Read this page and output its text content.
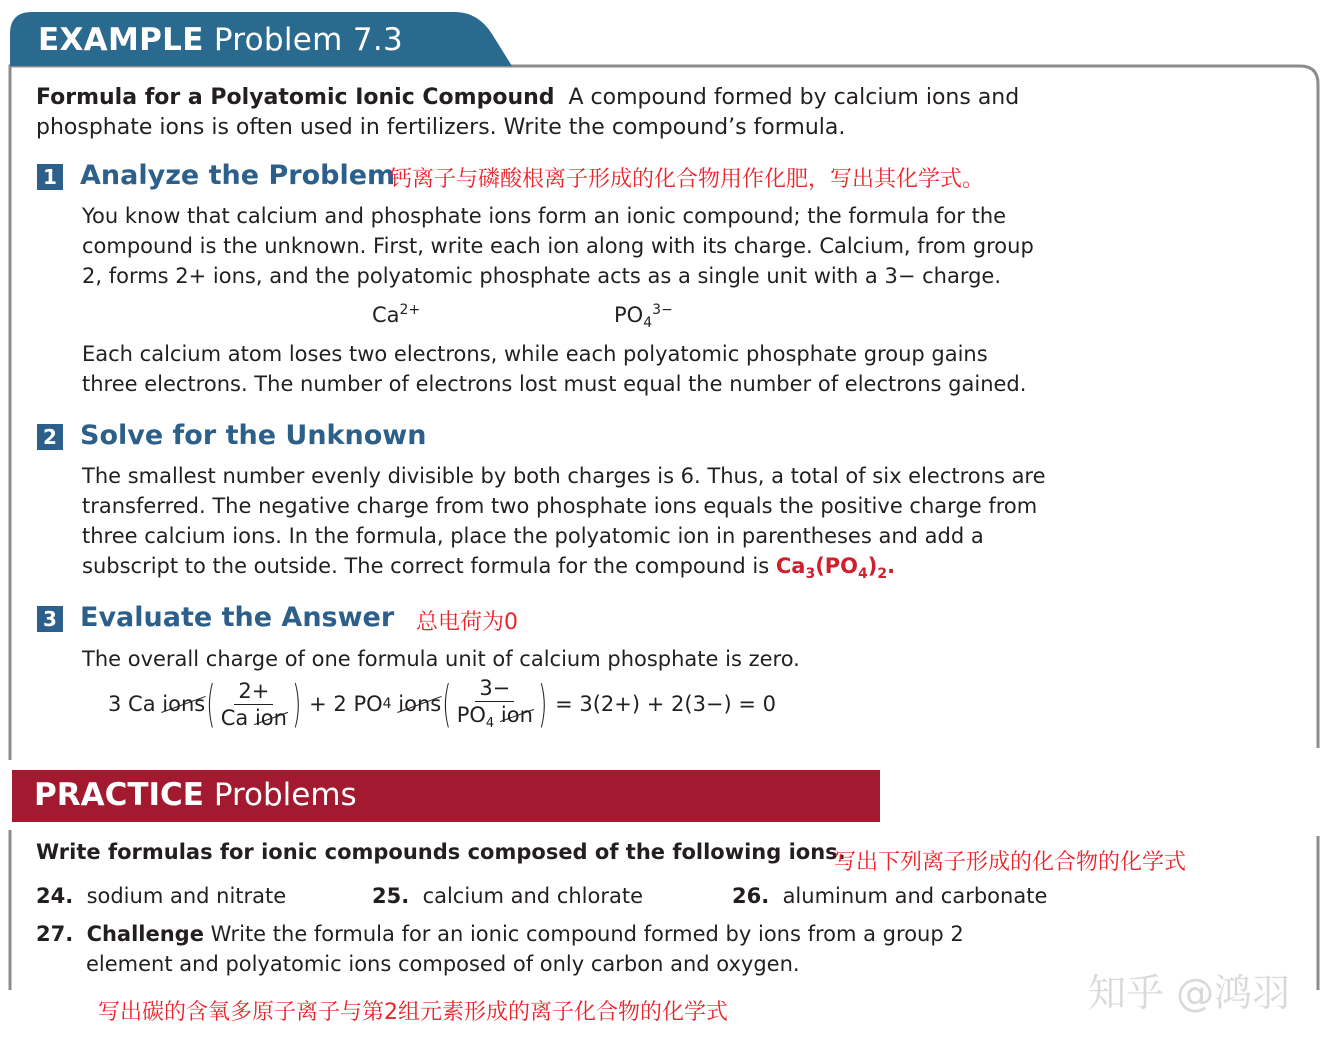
EXAMPLE Problem 7.3
Formula for a Polyatomic Ionic Compound A compound formed by calcium ions and phosphate ions is often used in fertilizers. Write the compound’s formula.
1 Analyze the Problem
钙离子与磷酸根离子形成的化合物用作化肥，写出其化学式。
You know that calcium and phosphate ions form an ionic compound; the formula for the compound is the unknown. First, write each ion along with its charge. Calcium, from group 2, forms 2+ ions, and the polyatomic phosphate acts as a single unit with a 3− charge.
$Ca^{2+}$	$PO_4^{3-}$
Each calcium atom loses two electrons, while each polyatomic phosphate group gains three electrons. The number of electrons lost must equal the number of electrons gained.
2 Solve for the Unknown
The smallest number evenly divisible by both charges is 6. Thus, a total of six electrons are transferred. The negative charge from two phosphate ions equals the positive charge from three calcium ions. In the formula, place the polyatomic ion in parentheses and add a subscript to the outside. The correct formula for the compound is $Ca_3(PO_4)_2$.
3 Evaluate the Answer 总电荷为0
The overall charge of one formula unit of calcium phosphate is zero.
3 Ca
ions ( $\frac{2+}{\text{Ca ion}}$ )
+ 2 PO 4
ions ( $\frac{3-}{PO_4 ion}$ )
= 3(2+) + 2(3−) = 0
PRACTICE Problems
Write formulas for ionic compounds composed of the following ions.
写出下列离子形成的化合物的化学式
24. sodium and nitrate	25. calcium and chlorate	26. aluminum and carbonate
27. Challenge Write the formula for an ionic compound formed by ions from a group 2
element and polyatomic ions composed of only carbon and oxygen.
知乎 @鸿羽
写出碳的含氧多原子离子与第2组元素形成的离子化合物的化学式
